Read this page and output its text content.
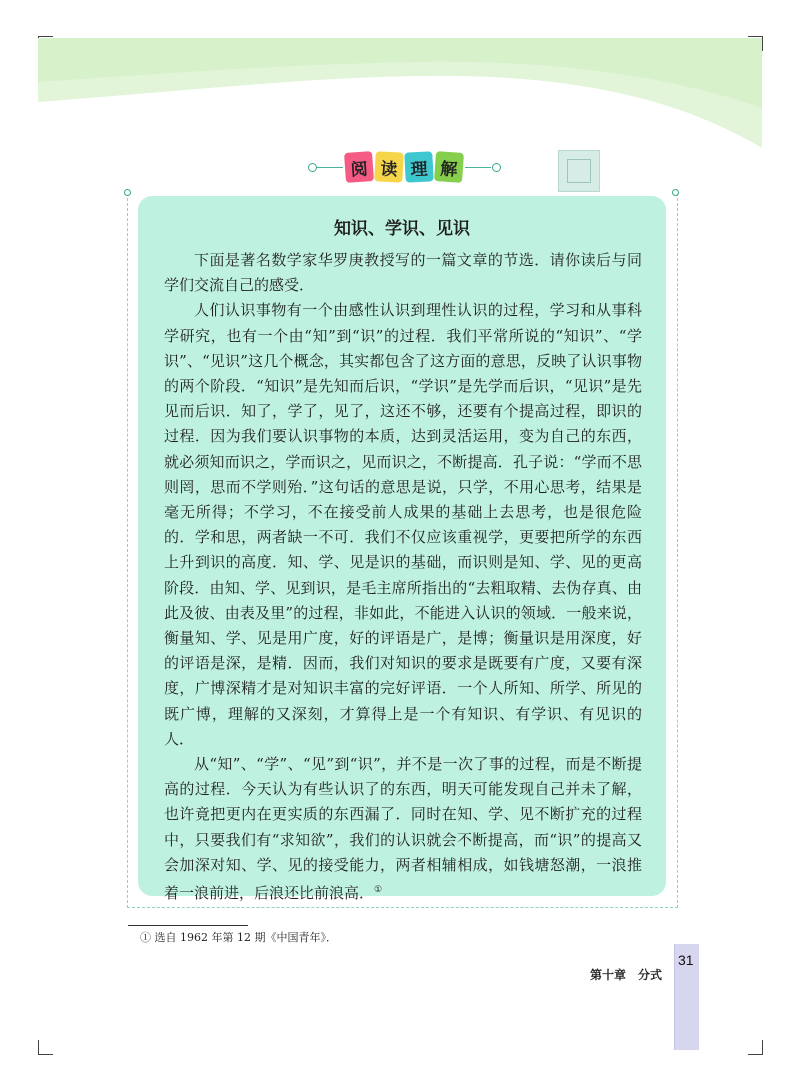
阅 读 理 解
知识、学识、见识

下面是著名数学家华罗庚教授写的一篇文章的节选．请你读后与同学们交流自己的感受．

人们认识事物有一个由感性认识到理性认识的过程，学习和从事科学研究，也有一个由“知”到“识”的过程．我们平常所说的“知识”、“学识”、“见识”这几个概念，其实都包含了这方面的意思，反映了认识事物的两个阶段．“知识”是先知而后识，“学识”是先学而后识，“见识”是先见而后识．知了，学了，见了，这还不够，还要有个提高过程，即识的过程．因为我们要认识事物的本质，达到灵活运用，变为自己的东西，就必须知而识之，学而识之，见而识之，不断提高．孔子说：“学而不思则罔，思而不学则殆．”这句话的意思是说，只学，不用心思考，结果是毫无所得；不学习，不在接受前人成果的基础上去思考，也是很危险的．学和思，两者缺一不可．我们不仅应该重视学，更要把所学的东西上升到识的高度．知、学、见是识的基础，而识则是知、学、见的更高阶段．由知、学、见到识，是毛主席所指出的“去粗取精、去伪存真、由此及彼、由表及里”的过程，非如此，不能进入认识的领域．一般来说，衡量知、学、见是用广度，好的评语是广，是博；衡量识是用深度，好的评语是深，是精．因而，我们对知识的要求是既要有广度，又要有深度，广博深精才是对知识丰富的完好评语．一个人所知、所学、所见的既广博，理解的又深刻，才算得上是一个有知识、有学识、有见识的人．

从“知”、“学”、“见”到“识”，并不是一次了事的过程，而是不断提高的过程．今天认为有些认识了的东西，明天可能发现自己并未了解，也许竟把更内在更实质的东西漏了．同时在知、学、见不断扩充的过程中，只要我们有“求知欲”，我们的认识就会不断提高，而“识”的提高又会加深对知、学、见的接受能力，两者相辅相成，如钱塘怒潮，一浪推着一浪前进，后浪还比前浪高．①

① 选自 1962 年第 12 期《中国青年》．
第十章　分式
31
